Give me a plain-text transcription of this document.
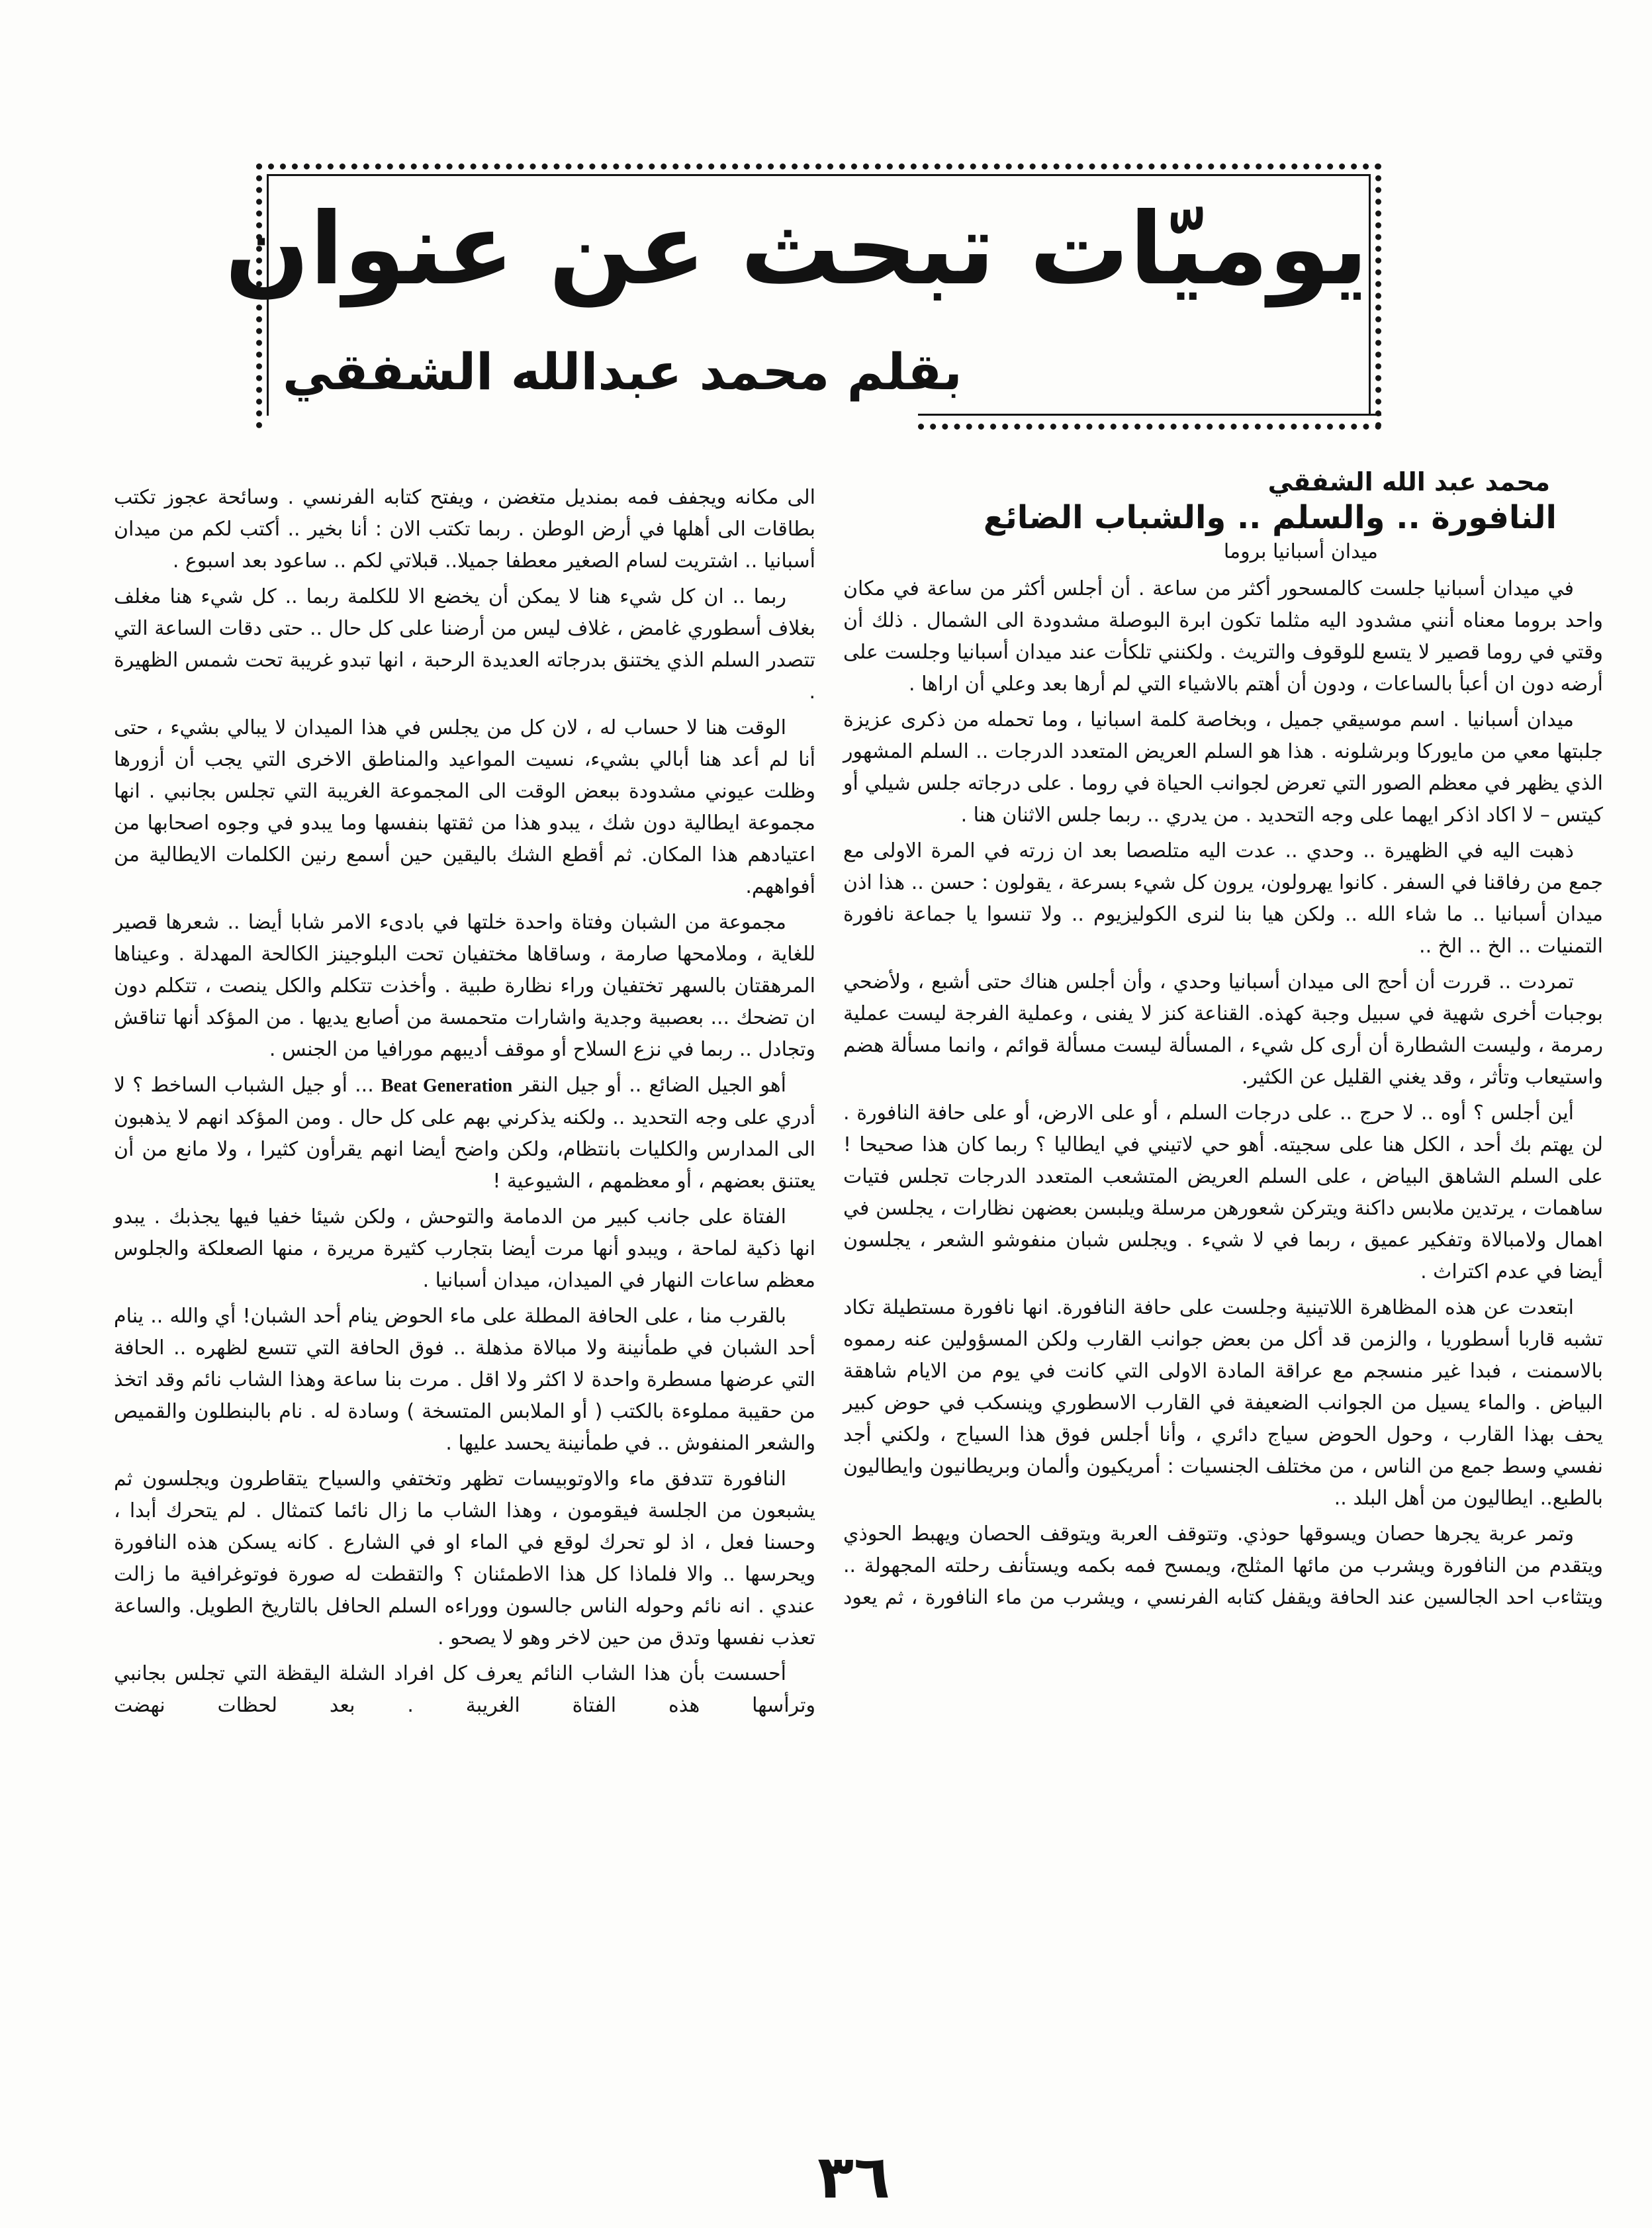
يوميّات تبحث عن عنوان
بقلم محمد عبدالله الشفقي
محمد عبد الله الشفقي
النافورة .. والسلم .. والشباب الضائع
ميدان أسبانيا بروما

في ميدان أسبانيا جلست كالمسحور أكثر من ساعة . أن أجلس أكثر من ساعة في مكان واحد بروما معناه أنني مشدود اليه مثلما تكون ابرة البوصلة مشدودة الى الشمال . ذلك أن وقتي في روما قصير لا يتسع للوقوف والتريث . ولكنني تلكأت عند ميدان أسبانيا وجلست على أرضه دون ان أعبأ بالساعات ، ودون أن أهتم بالاشياء التي لم أرها بعد وعلي أن اراها .

ميدان أسبانيا . اسم موسيقي جميل ، وبخاصة كلمة اسبانيا ، وما تحمله من ذكرى عزيزة جلبتها معي من مايوركا وبرشلونه . هذا هو السلم العريض المتعدد الدرجات .. السلم المشهور الذي يظهر في معظم الصور التي تعرض لجوانب الحياة في روما . على درجاته جلس شيلي أو كيتس – لا اكاد اذكر ايهما على وجه التحديد . من يدري .. ربما جلس الاثنان هنا .

ذهبت اليه في الظهيرة .. وحدي .. عدت اليه متلصصا بعد ان زرته في المرة الاولى مع جمع من رفاقنا في السفر . كانوا يهرولون، يرون كل شيء بسرعة ، يقولون : حسن .. هذا اذن ميدان أسبانيا .. ما شاء الله .. ولكن هيا بنا لنرى الكوليزيوم .. ولا تنسوا يا جماعة نافورة التمنيات .. الخ .. الخ ..

تمردت .. قررت أن أحج الى ميدان أسبانيا وحدي ، وأن أجلس هناك حتى أشبع ، ولأضحي بوجبات أخرى شهية في سبيل وجبة كهذه. القناعة كنز لا يفنى ، وعملية الفرجة ليست عملية رمرمة ، وليست الشطارة أن أرى كل شيء ، المسألة ليست مسألة قوائم ، وانما مسألة هضم واستيعاب وتأثر ، وقد يغني القليل عن الكثير.

أين أجلس ؟ أوه .. لا حرج .. على درجات السلم ، أو على الارض، أو على حافة النافورة . لن يهتم بك أحد ، الكل هنا على سجيته. أهو حي لاتيني في ايطاليا ؟ ربما كان هذا صحيحا ! على السلم الشاهق البياض ، على السلم العريض المتشعب المتعدد الدرجات تجلس فتيات ساهمات ، يرتدين ملابس داكنة ويتركن شعورهن مرسلة ويلبسن بعضهن نظارات ، يجلسن في اهمال ولامبالاة وتفكير عميق ، ربما في لا شيء . ويجلس شبان منفوشو الشعر ، يجلسون أيضا في عدم اكتراث .

ابتعدت عن هذه المظاهرة اللاتينية وجلست على حافة النافورة. انها نافورة مستطيلة تكاد تشبه قاربا أسطوريا ، والزمن قد أكل من بعض جوانب القارب ولكن المسؤولين عنه رمموه بالاسمنت ، فبدا غير منسجم مع عراقة المادة الاولى التي كانت في يوم من الايام شاهقة البياض . والماء يسيل من الجوانب الضعيفة في القارب الاسطوري وينسكب في حوض كبير يحف بهذا القارب ، وحول الحوض سياج دائري ، وأنا أجلس فوق هذا السياج ، ولكني أجد نفسي وسط جمع من الناس ، من مختلف الجنسيات : أمريكيون وألمان وبريطانيون وايطاليون بالطبع.. ايطاليون من أهل البلد ..

وتمر عربة يجرها حصان ويسوقها حوذي. وتتوقف العربة ويتوقف الحصان ويهبط الحوذي ويتقدم من النافورة ويشرب من مائها المثلج، ويمسح فمه بكمه ويستأنف رحلته المجهولة .. ويتثاءب احد الجالسين عند الحافة ويقفل كتابه الفرنسي ، ويشرب من ماء النافورة ، ثم يعود

الى مكانه ويجفف فمه بمنديل متغضن ، ويفتح كتابه الفرنسي . وسائحة عجوز تكتب بطاقات الى أهلها في أرض الوطن . ربما تكتب الان : أنا بخير .. أكتب لكم من ميدان أسبانيا .. اشتريت لسام الصغير معطفا جميلا.. قبلاتي لكم .. ساعود بعد اسبوع .

ربما .. ان كل شيء هنا لا يمكن أن يخضع الا للكلمة ربما .. كل شيء هنا مغلف بغلاف أسطوري غامض ، غلاف ليس من أرضنا على كل حال .. حتى دقات الساعة التي تتصدر السلم الذي يختنق بدرجاته العديدة الرحبة ، انها تبدو غريبة تحت شمس الظهيرة .

الوقت هنا لا حساب له ، لان كل من يجلس في هذا الميدان لا يبالي بشيء ، حتى أنا لم أعد هنا أبالي بشيء، نسيت المواعيد والمناطق الاخرى التي يجب أن أزورها وظلت عيوني مشدودة ببعض الوقت الى المجموعة الغريبة التي تجلس بجانبي . انها مجموعة ايطالية دون شك ، يبدو هذا من ثقتها بنفسها وما يبدو في وجوه اصحابها من اعتيادهم هذا المكان. ثم أقطع الشك باليقين حين أسمع رنين الكلمات الايطالية من أفواههم.

مجموعة من الشبان وفتاة واحدة خلتها في بادىء الامر شابا أيضا .. شعرها قصير للغاية ، وملامحها صارمة ، وساقاها مختفيان تحت البلوجينز الكالحة المهدلة . وعيناها المرهقتان بالسهر تختفيان وراء نظارة طبية . وأخذت تتكلم والكل ينصت ، تتكلم دون ان تضحك ... بعصبية وجدية واشارات متحمسة من أصابع يديها . من المؤكد أنها تناقش وتجادل .. ربما في نزع السلاح أو موقف أديبهم مورافيا من الجنس .

أهو الجيل الضائع .. أو جيل النقر Beat Generation ... أو جيل الشباب الساخط ؟ لا أدري على وجه التحديد .. ولكنه يذكرني بهم على كل حال . ومن المؤكد انهم لا يذهبون الى المدارس والكليات بانتظام، ولكن واضح أيضا انهم يقرأون كثيرا ، ولا مانع من أن يعتنق بعضهم ، أو معظمهم ، الشيوعية !

الفتاة على جانب كبير من الدمامة والتوحش ، ولكن شيئا خفيا فيها يجذبك . يبدو انها ذكية لماحة ، ويبدو أنها مرت أيضا بتجارب كثيرة مريرة ، منها الصعلكة والجلوس معظم ساعات النهار في الميدان، ميدان أسبانيا .

بالقرب منا ، على الحافة المطلة على ماء الحوض ينام أحد الشبان! أي والله .. ينام أحد الشبان في طمأنينة ولا مبالاة مذهلة .. فوق الحافة التي تتسع لظهره .. الحافة التي عرضها مسطرة واحدة لا اكثر ولا اقل . مرت بنا ساعة وهذا الشاب نائم وقد اتخذ من حقيبة مملوءة بالكتب ( أو الملابس المتسخة ) وسادة له . نام بالبنطلون والقميص والشعر المنفوش .. في طمأنينة يحسد عليها .

النافورة تتدفق ماء والاوتوبيسات تظهر وتختفي والسياح يتقاطرون ويجلسون ثم يشبعون من الجلسة فيقومون ، وهذا الشاب ما زال نائما كتمثال . لم يتحرك أبدا ، وحسنا فعل ، اذ لو تحرك لوقع في الماء او في الشارع . كانه يسكن هذه النافورة ويحرسها .. والا فلماذا كل هذا الاطمئنان ؟ والتقطت له صورة فوتوغرافية ما زالت عندي . انه نائم وحوله الناس جالسون ووراءه السلم الحافل بالتاريخ الطويل. والساعة تعذب نفسها وتدق من حين لاخر وهو لا يصحو .

أحسست بأن هذا الشاب النائم يعرف كل افراد الشلة اليقظة التي تجلس بجانبي وترأسها هذه الفتاة الغريبة . بعد لحظات نهضت

٣٦
